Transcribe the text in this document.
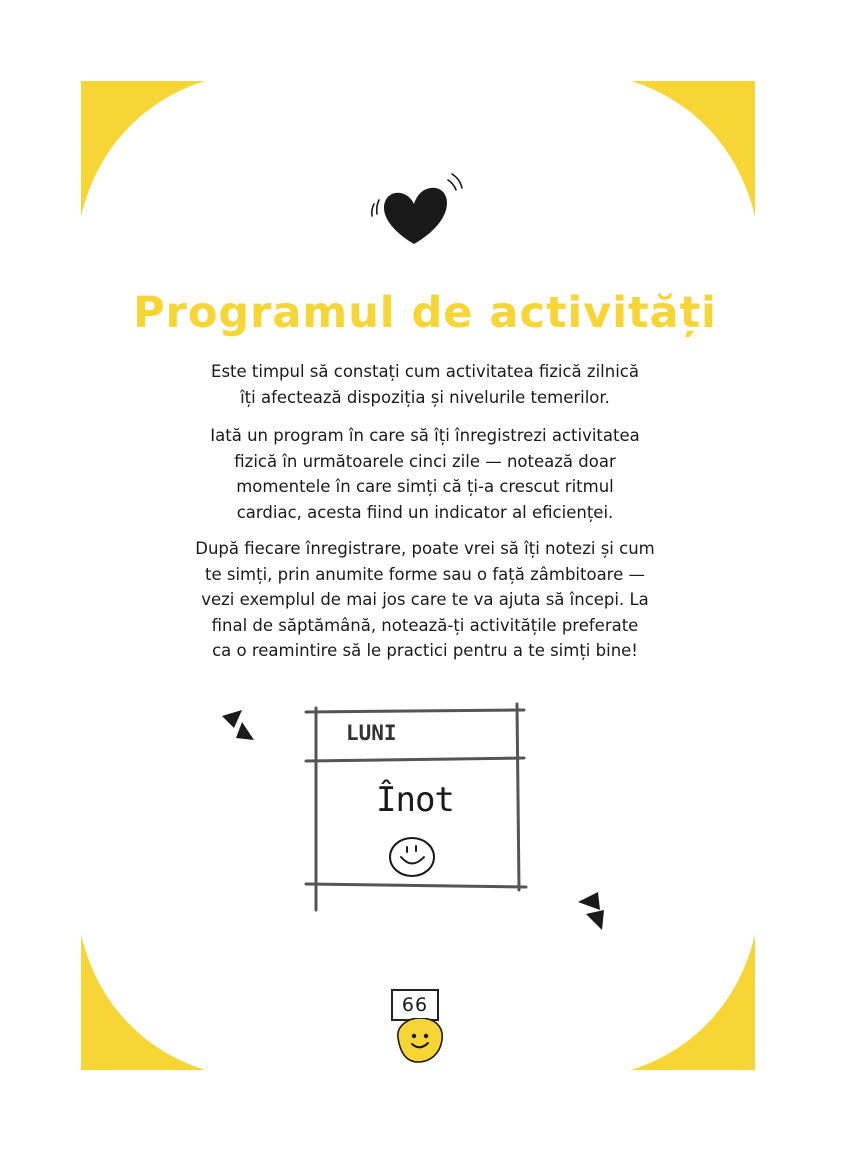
Programul de activități

Este timpul să constați cum activitatea fizică zilnică
îți afectează dispoziția și nivelurile temerilor.

Iată un program în care să îți înregistrezi activitatea
fizică în următoarele cinci zile — notează doar
momentele în care simți că ți-a crescut ritmul
cardiac, acesta fiind un indicator al eficienței.

După fiecare înregistrare, poate vrei să îți notezi și cum
te simți, prin anumite forme sau o față zâmbitoare —
vezi exemplul de mai jos care te va ajuta să începi. La
final de săptămână, notează-ți activitățile preferate
ca o reamintire să le practici pentru a te simți bine!

LUNI
Înot
66
